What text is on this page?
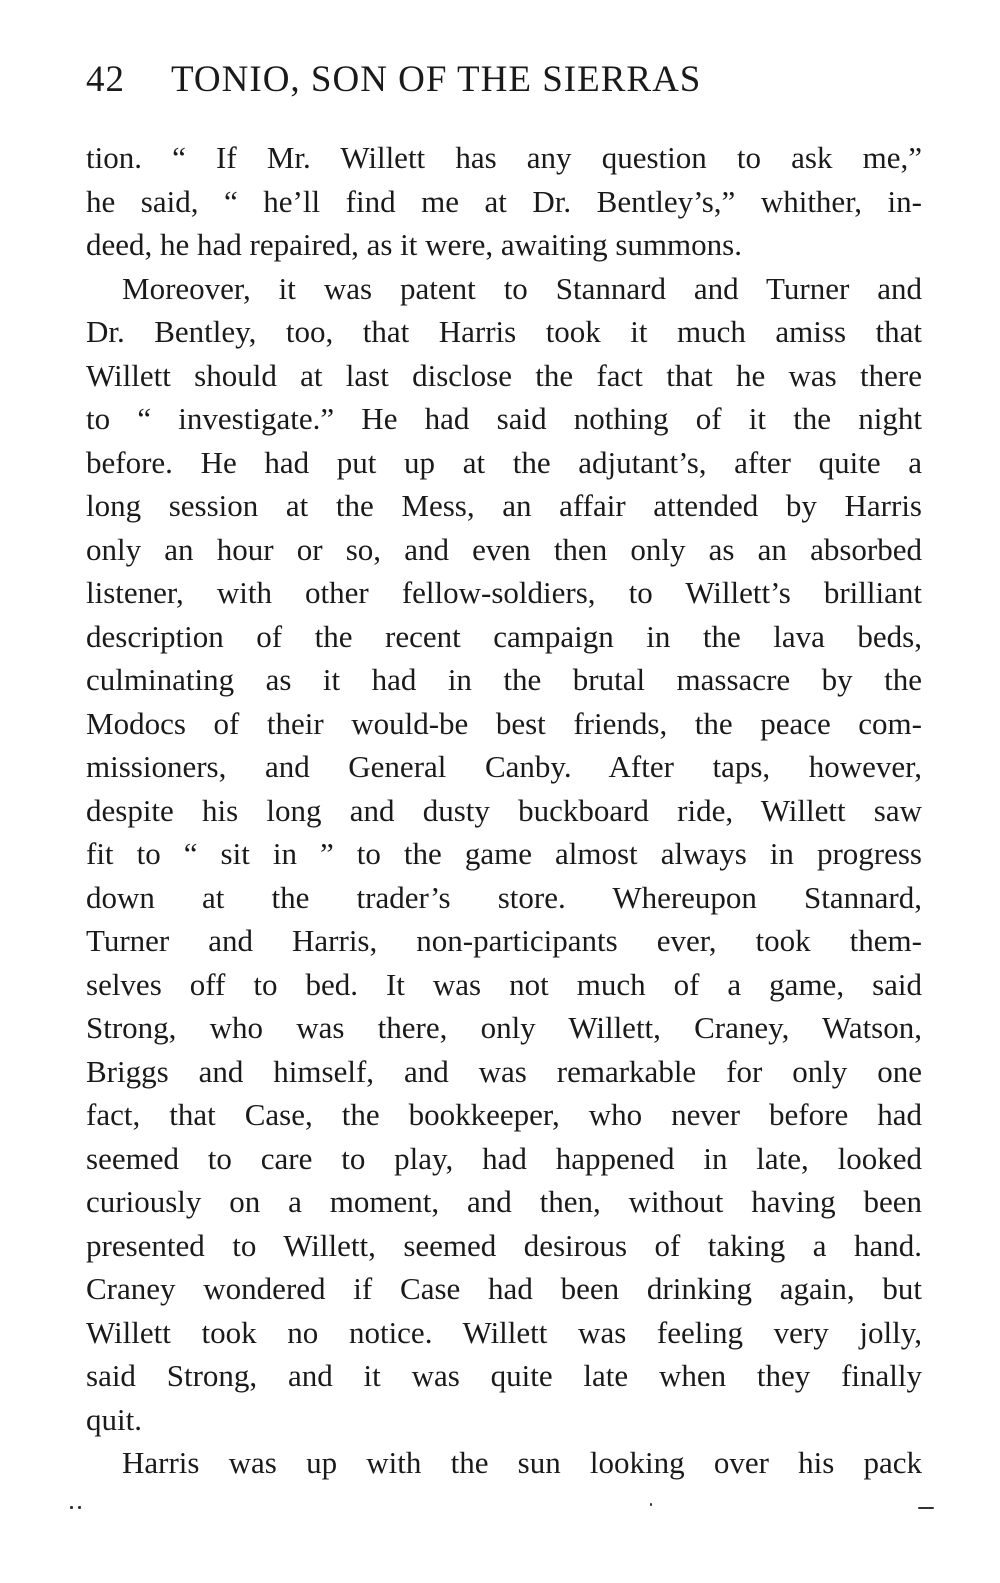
42 TONIO, SON OF THE SIERRAS
tion. “ If Mr. Willett has any question to ask me,”
he said, “ he’ll find me at Dr. Bentley’s,” whither, in-
deed, he had repaired, as it were, awaiting summons.
Moreover, it was patent to Stannard and Turner and
Dr. Bentley, too, that Harris took it much amiss that
Willett should at last disclose the fact that he was there
to “ investigate.” He had said nothing of it the night
before. He had put up at the adjutant’s, after quite a
long session at the Mess, an affair attended by Harris
only an hour or so, and even then only as an absorbed
listener, with other fellow-soldiers, to Willett’s brilliant
description of the recent campaign in the lava beds,
culminating as it had in the brutal massacre by the
Modocs of their would-be best friends, the peace com-
missioners, and General Canby. After taps, however,
despite his long and dusty buckboard ride, Willett saw
fit to “ sit in ” to the game almost always in progress
down at the trader’s store. Whereupon Stannard,
Turner and Harris, non-participants ever, took them-
selves off to bed. It was not much of a game, said
Strong, who was there, only Willett, Craney, Watson,
Briggs and himself, and was remarkable for only one
fact, that Case, the bookkeeper, who never before had
seemed to care to play, had happened in late, looked
curiously on a moment, and then, without having been
presented to Willett, seemed desirous of taking a hand.
Craney wondered if Case had been drinking again, but
Willett took no notice. Willett was feeling very jolly,
said Strong, and it was quite late when they finally
quit.
Harris was up with the sun looking over his pack
